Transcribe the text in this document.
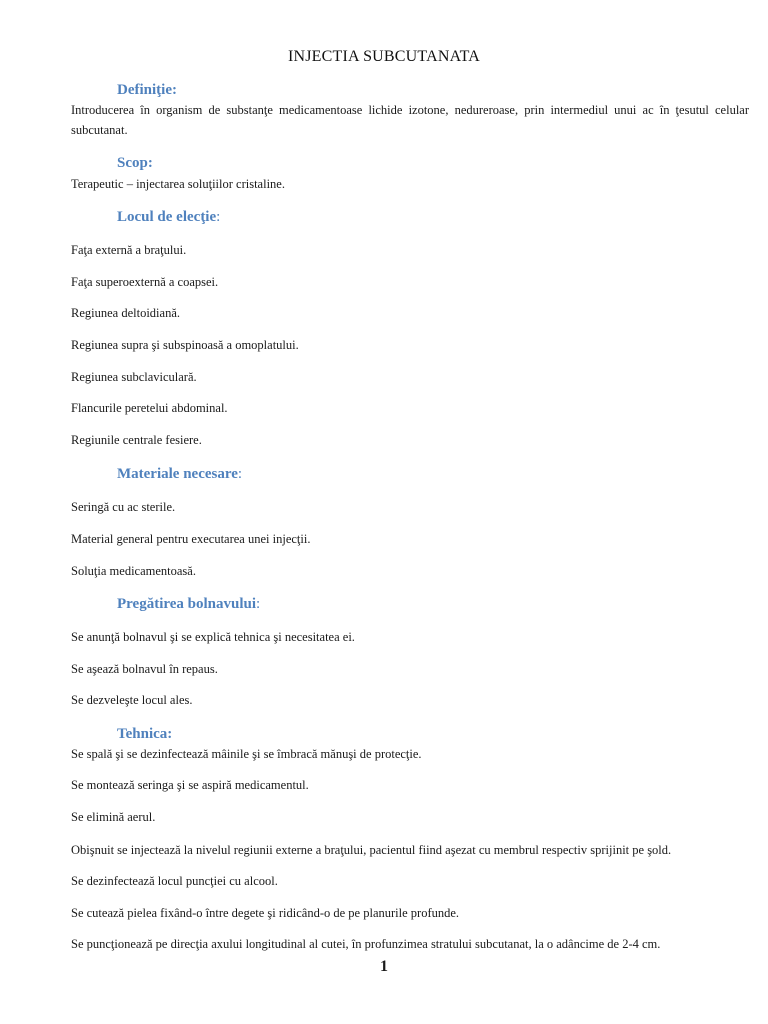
INJECTIA SUBCUTANATA
Definiţie:
Introducerea în organism de substanţe medicamentoase lichide izotone, nedureroase, prin intermediul unui ac în ţesutul celular subcutanat.
Scop:
Terapeutic – injectarea soluţiilor cristaline.
Locul de elecţie:
Faţa externă a braţului.
Faţa superoexternă a coapsei.
Regiunea deltoidiană.
Regiunea supra şi subspinoasă a omoplatului.
Regiunea subclaviculară.
Flancurile peretelui abdominal.
Regiunile centrale fesiere.
Materiale necesare:
Seringă cu ac sterile.
Material general pentru executarea unei injecţii.
Soluţia medicamentoasă.
Pregătirea bolnavului:
Se anunţă bolnavul şi se explică tehnica şi necesitatea ei.
Se aşează bolnavul în repaus.
Se dezveleşte locul ales.
Tehnica:
Se spală şi se dezinfectează mâinile şi se îmbracă mănuşi de protecţie.
Se montează seringa şi se aspiră medicamentul.
Se elimină aerul.
Obişnuit se injectează la nivelul regiunii externe a braţului, pacientul fiind aşezat cu membrul respectiv sprijinit pe şold.
Se dezinfectează locul puncţiei cu alcool.
Se cutează pielea fixând-o între degete şi ridicând-o de pe planurile profunde.
Se puncţionează pe direcţia axului longitudinal al cutei, în profunzimea stratului subcutanat, la o adâncime de 2-4 cm.
1
